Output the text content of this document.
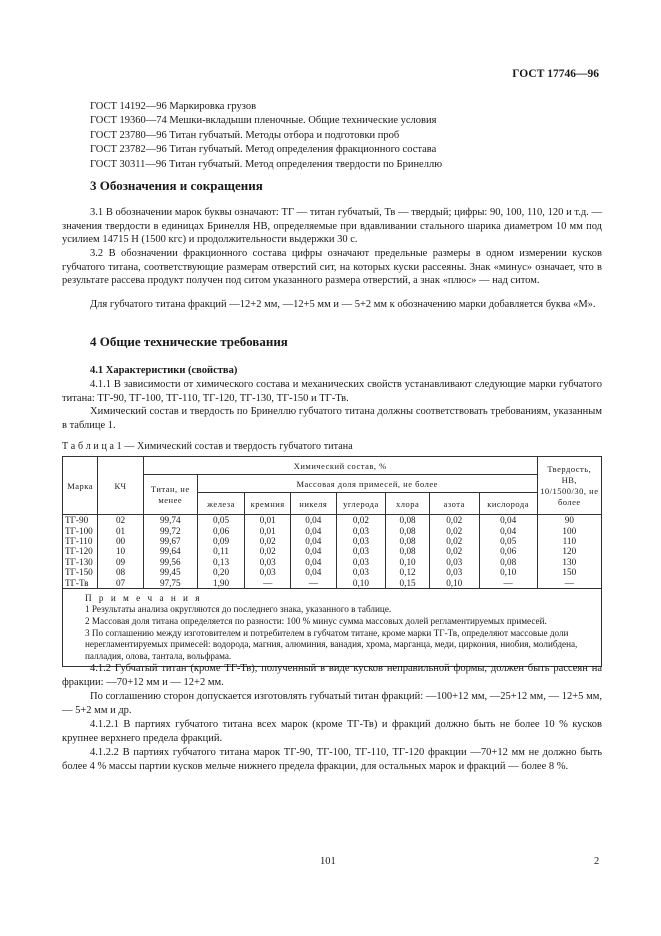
ГОСТ 17746—96
ГОСТ 14192—96 Маркировка грузов
ГОСТ 19360—74 Мешки-вкладыши пленочные. Общие технические условия
ГОСТ 23780—96 Титан губчатый. Методы отбора и подготовки проб
ГОСТ 23782—96 Титан губчатый. Метод определения фракционного состава
ГОСТ 30311—96 Титан губчатый. Метод определения твердости по Бринеллю
3 Обозначения и сокращения
3.1 В обозначении марок буквы означают: ТГ — титан губчатый, Тв — твердый; цифры: 90, 100, 110, 120 и т.д. — значения твердости в единицах Бринелля НВ, определяемые при вдавливании стального шарика диаметром 10 мм под усилием 14715 Н (1500 кгс) и продолжительности выдержки 30 с.
3.2 В обозначении фракционного состава цифры означают предельные размеры в одном измерении кусков губчатого титана, соответствующие размерам отверстий сит, на которых куски рассеяны. Знак «минус» означает, что в результате рассева продукт получен под ситом указанного размера отверстий, а знак «плюс» — над ситом.
Для губчатого титана фракций —12+2 мм, —12+5 мм и — 5+2 мм к обозначению марки добавляется буква «М».
4 Общие технические требования
4.1 Характеристики (свойства)
4.1.1 В зависимости от химического состава и механических свойств устанавливают следующие марки губчатого титана: ТГ-90, ТГ-100, ТГ-110, ТГ-120, ТГ-130, ТГ-150 и ТГ-Тв.
Химический состав и твердость по Бринеллю губчатого титана должны соответствовать требованиям, указанным в таблице 1.
Т а б л и ц а 1 — Химический состав и твердость губчатого титана
Марка	КЧ	Химический состав, %								Твердость, НВ, 10/1500/30, не более
		Титан, не менее	Массовая доля примесей, не более							
			железа	кремния	никеля	углерода	хлора	азота	кислорода	
ТГ-90	02	99,74	0,05	0,01	0,04	0,02	0,08	0,02	0,04	90
ТГ-100	01	99,72	0,06	0,01	0,04	0,03	0,08	0,02	0,04	100
ТГ-110	00	99,67	0,09	0,02	0,04	0,03	0,08	0,02	0,05	110
ТГ-120	10	99,64	0,11	0,02	0,04	0,03	0,08	0,02	0,06	120
ТГ-130	09	99,56	0,13	0,03	0,04	0,03	0,10	0,03	0,08	130
ТГ-150	08	99,45	0,20	0,03	0,04	0,03	0,12	0,03	0,10	150
ТГ-Тв	07	97,75	1,90	—	—	0,10	0,15	0,10	—	—

П р и м е ч а н и я
1 Результаты анализа округляются до последнего знака, указанного в таблице.
2 Массовая доля титана определяется по разности: 100 % минус сумма массовых долей регламентируемых примесей.
3 По соглашению между изготовителем и потребителем в губчатом титане, кроме марки ТГ-Тв, определяют массовые доли нерегламентируемых примесей: водорода, магния, алюминия, ванадия, хрома, марганца, меди, циркония, ниобия, молибдена, палладия, олова, тантала, вольфрама.										
4.1.2 Губчатый титан (кроме ТГ-Тв), полученный в виде кусков неправильной формы, должен быть рассеян на фракции: —70+12 мм и — 12+2 мм.
По соглашению сторон допускается изготовлять губчатый титан фракций: —100+12 мм, —25+12 мм, — 12+5 мм, — 5+2 мм и др.
4.1.2.1 В партиях губчатого титана всех марок (кроме ТГ-Тв) и фракций должно быть не более 10 % кусков крупнее верхнего предела фракций.
4.1.2.2 В партиях губчатого титана марок ТГ-90, ТГ-100, ТГ-110, ТГ-120 фракции —70+12 мм не должно быть более 4 % массы партии кусков мельче нижнего предела фракции, для остальных марок и фракций — более 8 %.
101	2
